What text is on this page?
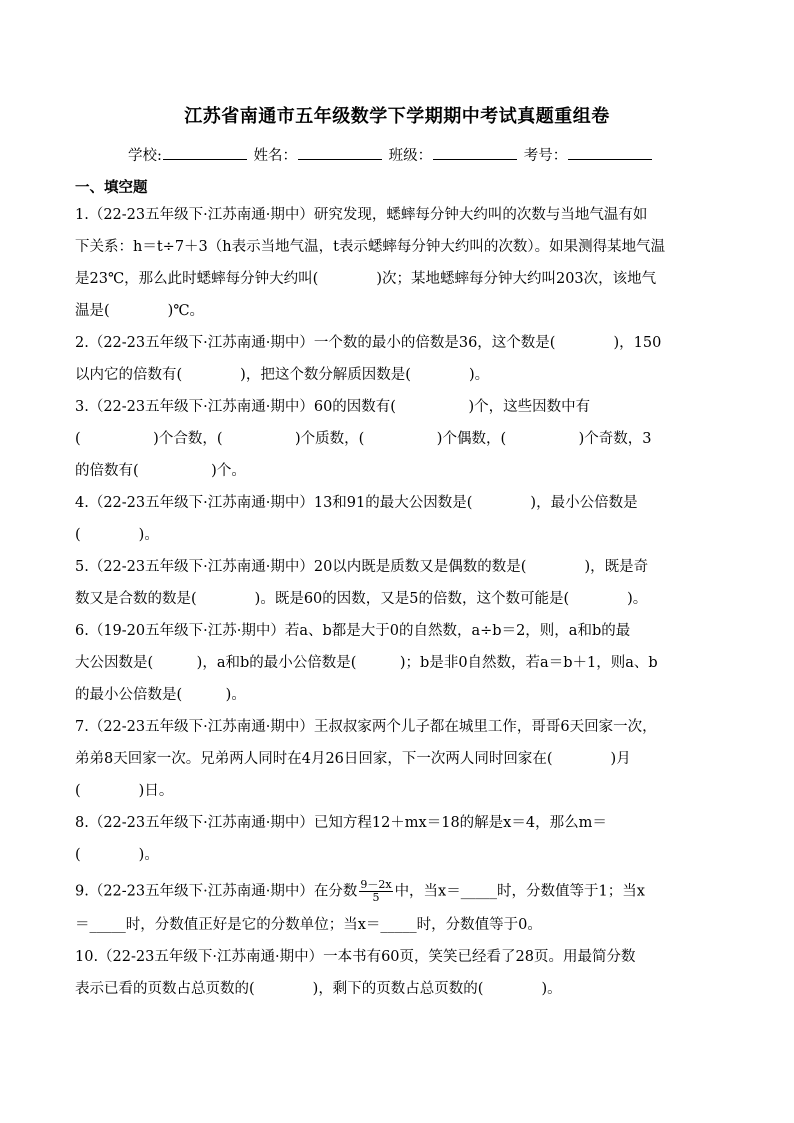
江苏省南通市五年级数学下学期期中考试真题重组卷
学校:	姓名：	班级：	考号：
一、填空题
1.（22-23五年级下·江苏南通·期中）研究发现，蟋蟀每分钟大约叫的次数与当地气温有如
下关系：h＝t÷7＋3（h表示当地气温，t表示蟋蟀每分钟大约叫的次数）。如果测得某地气温
是23℃，那么此时蟋蟀每分钟大约叫(　　　　)次；某地蟋蟀每分钟大约叫203次，该地气
温是(　　　　)℃。
2.（22-23五年级下·江苏南通·期中）一个数的最小的倍数是36，这个数是(　　　　)，150
以内它的倍数有(　　　　)，把这个数分解质因数是(　　　　)。
3.（22-23五年级下·江苏南通·期中）60的因数有(　　　　　)个，这些因数中有
(　　　　　)个合数，(　　　　　)个质数，(　　　　　)个偶数，(　　　　　)个奇数，3
的倍数有(　　　　　)个。
4.（22-23五年级下·江苏南通·期中）13和91的最大公因数是(　　　　)，最小公倍数是
(　　　　)。
5.（22-23五年级下·江苏南通·期中）20以内既是质数又是偶数的数是(　　　　)，既是奇
数又是合数的数是(　　　　)。既是60的因数，又是5的倍数，这个数可能是(　　　　)。
6.（19-20五年级下·江苏·期中）若a、b都是大于0的自然数，a÷b＝2，则，a和b的最
大公因数是(　　　)，a和b的最小公倍数是(　　　)；b是非0自然数，若a＝b＋1，则a、b
的最小公倍数是(　　　)。
7.（22-23五年级下·江苏南通·期中）王叔叔家两个儿子都在城里工作，哥哥6天回家一次，
弟弟8天回家一次。兄弟两人同时在4月26日回家，下一次两人同时回家在(　　　　)月
(　　　　)日。
8.（22-23五年级下·江苏南通·期中）已知方程12＋mx＝18的解是x＝4，那么m＝
(　　　　)。
9.（22-23五年级下·江苏南通·期中）在分数 $\frac{9-2x}{5}$ 中，当x＝_____时，分数值等于1；当x
＝_____时，分数值正好是它的分数单位；当x＝_____时，分数值等于0。
10.（22-23五年级下·江苏南通·期中）一本书有60页，笑笑已经看了28页。用最简分数
表示已看的页数占总页数的(　　　　)，剩下的页数占总页数的(　　　　)。
